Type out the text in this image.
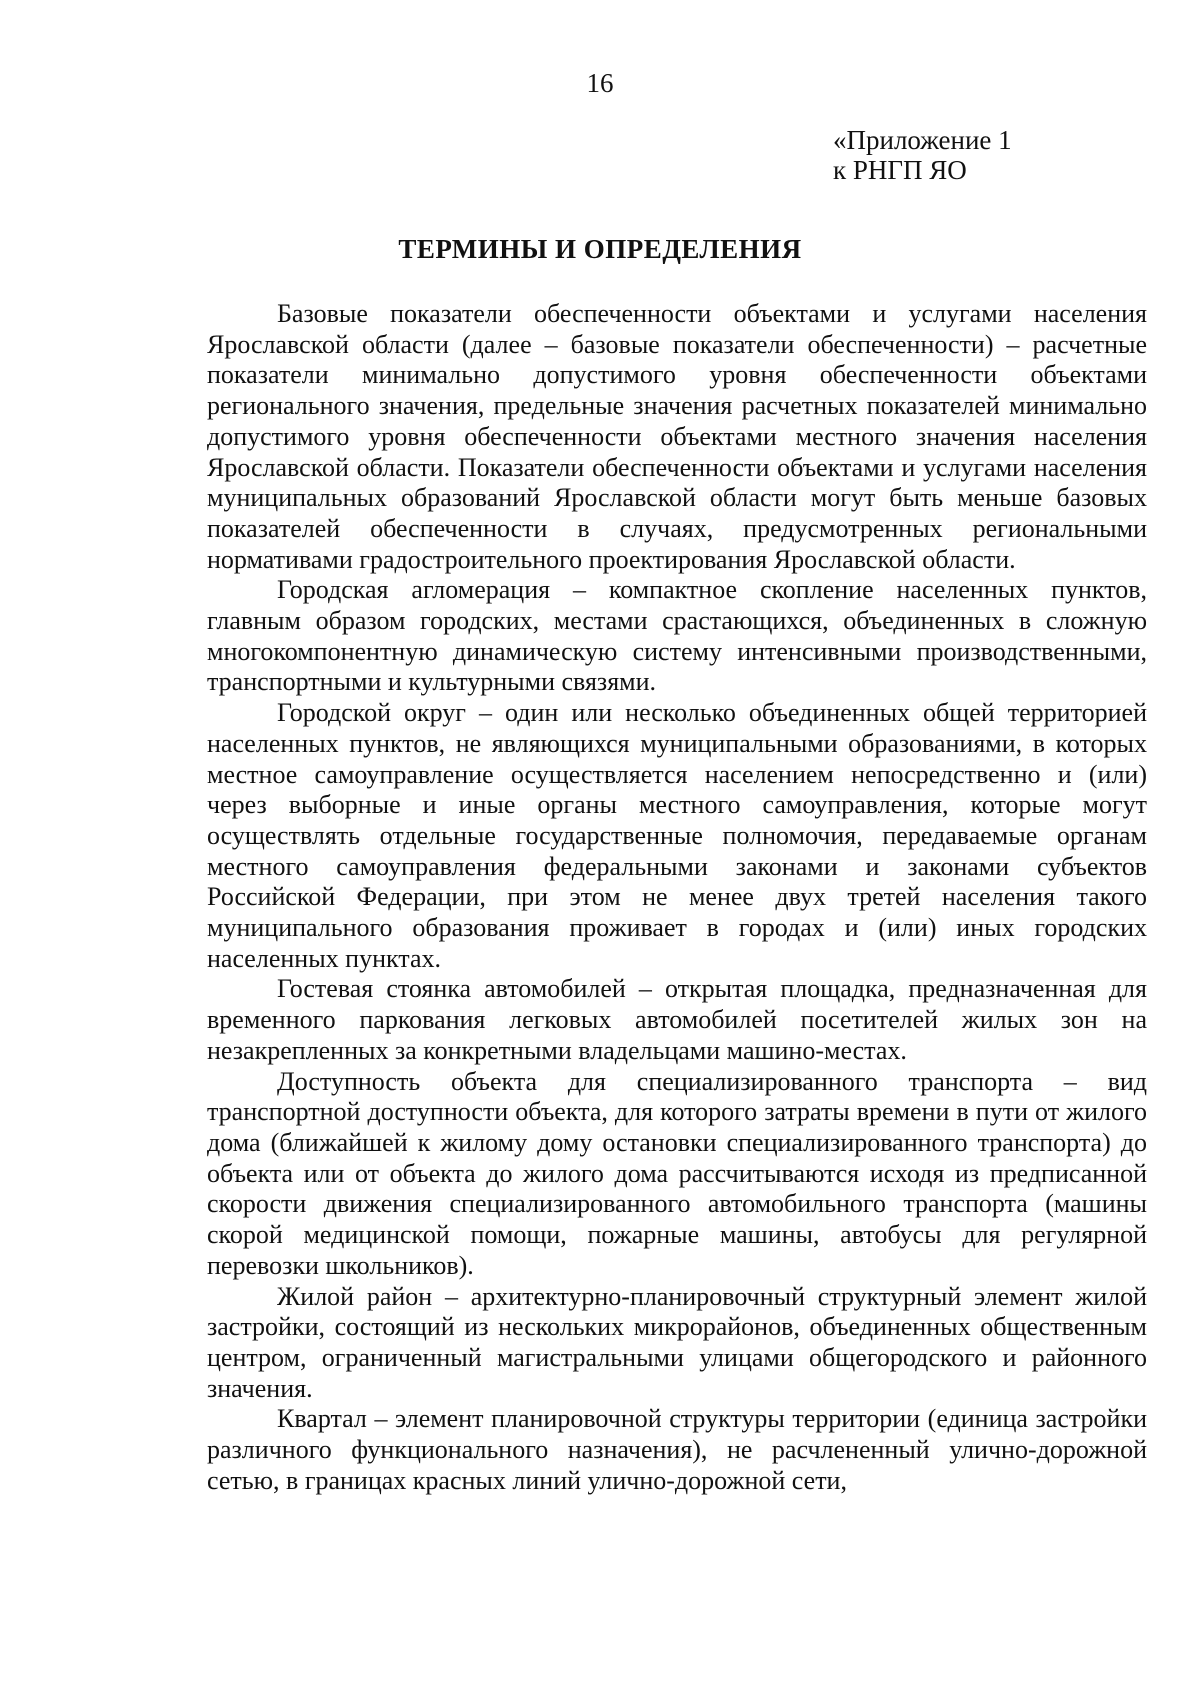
16
«Приложение 1
к РНГП ЯО
ТЕРМИНЫ И ОПРЕДЕЛЕНИЯ

Базовые показатели обеспеченности объектами и услугами населения Ярославской области (далее – базовые показатели обеспеченности) – расчетные показатели минимально допустимого уровня обеспеченности объектами регионального значения, предельные значения расчетных показателей минимально допустимого уровня обеспеченности объектами местного значения населения Ярославской области. Показатели обеспеченности объектами и услугами населения муниципальных образований Ярославской области могут быть меньше базовых показателей обеспеченности в случаях, предусмотренных региональными нормативами градостроительного проектирования Ярославской области.

Городская агломерация – компактное скопление населенных пунктов, главным образом городских, местами срастающихся, объединенных в сложную многокомпонентную динамическую систему интенсивными производственными, транспортными и культурными связями.

Городской округ – один или несколько объединенных общей территорией населенных пунктов, не являющихся муниципальными образованиями, в которых местное самоуправление осуществляется населением непосредственно и (или) через выборные и иные органы местного самоуправления, которые могут осуществлять отдельные государственные полномочия, передаваемые органам местного самоуправления федеральными законами и законами субъектов Российской Федерации, при этом не менее двух третей населения такого муниципального образования проживает в городах и (или) иных городских населенных пунктах.

Гостевая стоянка автомобилей – открытая площадка, предназначенная для временного паркования легковых автомобилей посетителей жилых зон на незакрепленных за конкретными владельцами машино-местах.

Доступность объекта для специализированного транспорта – вид транспортной доступности объекта, для которого затраты времени в пути от жилого дома (ближайшей к жилому дому остановки специализированного транспорта) до объекта или от объекта до жилого дома рассчитываются исходя из предписанной скорости движения специализированного автомобильного транспорта (машины скорой медицинской помощи, пожарные машины, автобусы для регулярной перевозки школьников).

Жилой район – архитектурно-планировочный структурный элемент жилой застройки, состоящий из нескольких микрорайонов, объединенных общественным центром, ограниченный магистральными улицами общегородского и районного значения.

Квартал – элемент планировочной структуры территории (единица застройки различного функционального назначения), не расчлененный улично-дорожной сетью, в границах красных линий улично-дорожной сети,
